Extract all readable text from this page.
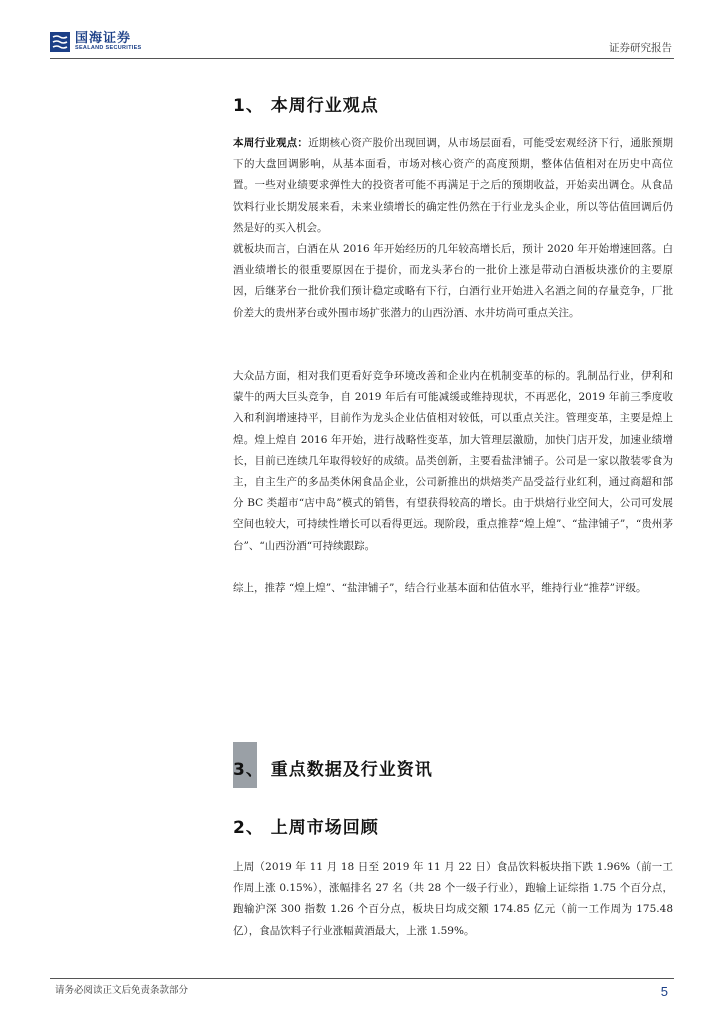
国海证券
SEALAND SECURITIES	证券研究报告
1、 本周行业观点

本周行业观点：近期核心资产股价出现回调，从市场层面看，可能受宏观经济下行，通胀预期下的大盘回调影响，从基本面看，市场对核心资产的高度预期，整体估值相对在历史中高位置。一些对业绩要求弹性大的投资者可能不再满足于之后的预期收益，开始卖出调仓。从食品饮料行业长期发展来看，未来业绩增长的确定性仍然在于行业龙头企业，所以等估值回调后仍然是好的买入机会。

就板块而言，白酒在从 2016 年开始经历的几年较高增长后，预计 2020 年开始增速回落。白酒业绩增长的很重要原因在于提价，而龙头茅台的一批价上涨是带动白酒板块涨价的主要原因，后继茅台一批价我们预计稳定或略有下行，白酒行业开始进入名酒之间的存量竞争，厂批价差大的贵州茅台或外围市场扩张潜力的山西汾酒、水井坊尚可重点关注。

大众品方面，相对我们更看好竞争环境改善和企业内在机制变革的标的。乳制品行业，伊利和蒙牛的两大巨头竞争，自 2019 年后有可能减缓或维持现状，不再恶化，2019 年前三季度收入和利润增速持平，目前作为龙头企业估值相对较低，可以重点关注。管理变革，主要是煌上煌。煌上煌自 2016 年开始，进行战略性变革，加大管理层激励，加快门店开发，加速业绩增长，目前已连续几年取得较好的成绩。品类创新，主要看盐津铺子。公司是一家以散装零食为主，自主生产的多品类休闲食品企业，公司新推出的烘焙类产品受益行业红利，通过商超和部分 BC 类超市“店中岛”模式的销售，有望获得较高的增长。由于烘焙行业空间大，公司可发展空间也较大，可持续性增长可以看得更远。现阶段，重点推荐“煌上煌”、“盐津铺子”，“贵州茅台”、“山西汾酒“可持续跟踪。

综上，推荐 “煌上煌”、“盐津铺子”，结合行业基本面和估值水平，维持行业“推荐”评级。

3、 重点数据及行业资讯
2、 上周市场回顾

上周（2019 年 11 月 18 日至 2019 年 11 月 22 日）食品饮料板块指下跌 1.96%（前一工作周上涨 0.15%），涨幅排名 27 名（共 28 个一级子行业），跑输上证综指 1.75 个百分点，跑输沪深 300 指数 1.26 个百分点，板块日均成交额 174.85 亿元（前一工作周为 175.48 亿），食品饮料子行业涨幅黄酒最大，上涨 1.59%。

请务必阅读正文后免责条款部分	5
